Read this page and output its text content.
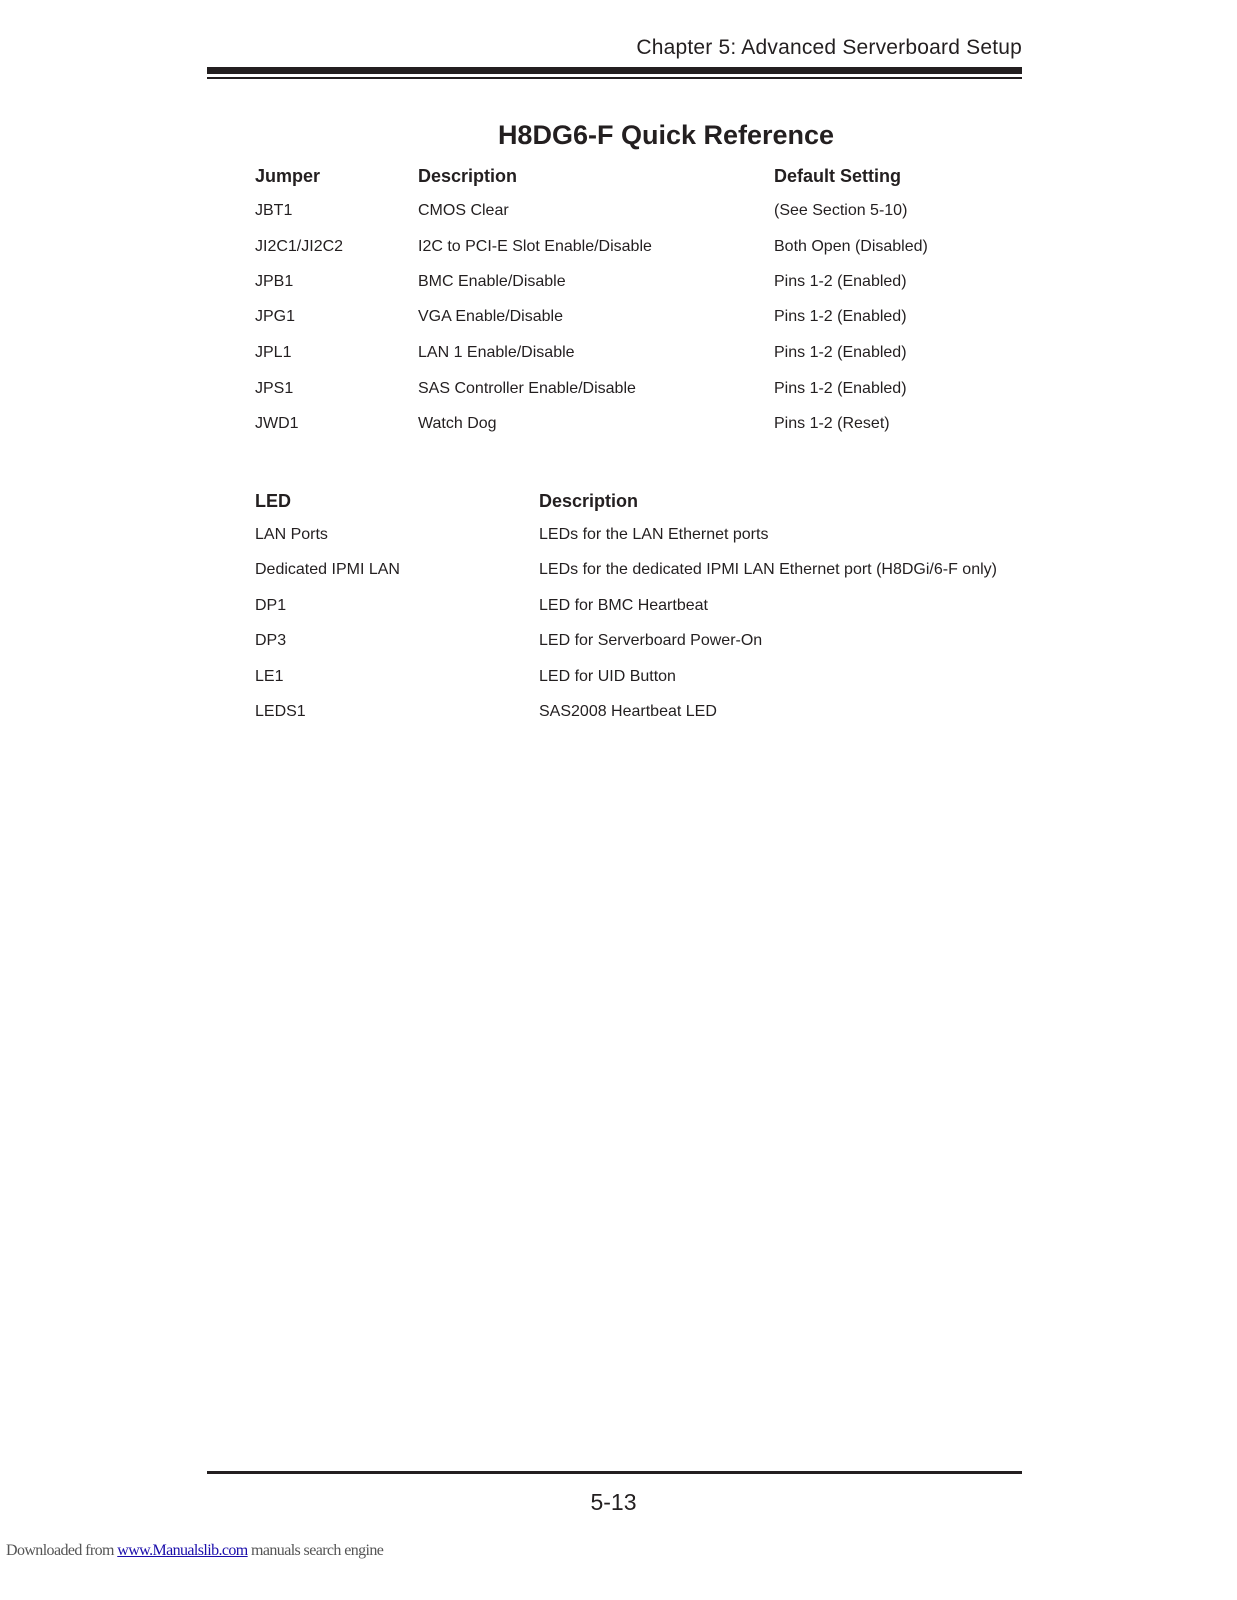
Chapter 5: Advanced Serverboard Setup
H8DG6-F Quick Reference
Jumper	Description	Default Setting
JBT1	CMOS Clear	(See Section 5-10)
JI2C1/JI2C2	I2C to PCI-E Slot Enable/Disable	Both Open (Disabled)
JPB1	BMC Enable/Disable	Pins 1-2 (Enabled)
JPG1	VGA Enable/Disable	Pins 1-2 (Enabled)
JPL1	LAN 1 Enable/Disable	Pins 1-2 (Enabled)
JPS1	SAS Controller Enable/Disable	Pins 1-2 (Enabled)
JWD1	Watch Dog	Pins 1-2 (Reset)
LED	Description
LAN Ports	LEDs for the LAN Ethernet ports
Dedicated IPMI LAN	LEDs for the dedicated IPMI LAN Ethernet port (H8DGi/6-F only)
DP1	LED for BMC Heartbeat
DP3	LED for Serverboard Power-On
LE1	LED for UID Button
LEDS1	SAS2008 Heartbeat LED
5-13
Downloaded from www.Manualslib.com manuals search engine
